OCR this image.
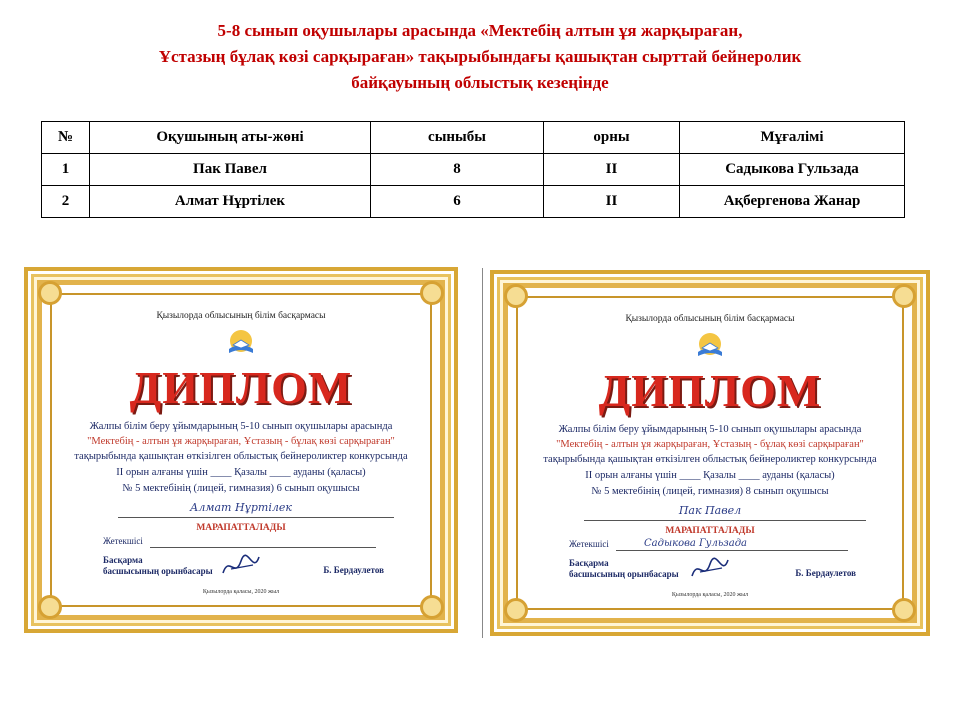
5-8 сынып оқушылары арасында «Мектебің алтын ұя жарқыраған,
Ұстазың бұлақ көзі сарқыраған» тақырыбындағы қашықтан сырттай бейнеролик
байқауының облыстық кезеңінде
№	Оқушының аты-жөні	сыныбы	орны	Мұғалімі
1	Пак Павел	8	II	Садыкова Гульзада
2	Алмат Нұртілек	6	II	Ақбергенова Жанар
Қызылорда облысының білім басқармасы
ДИПЛОМ
Жалпы білім беру ұйымдарының 5-10 сынып оқушылары арасында
"Мектебің - алтын ұя жарқыраған, Ұстазың - бұлақ көзі сарқыраған"
тақырыбында қашықтан өткізілген облыстық бейнероликтер конкурсында
II орын алғаны үшін ____ Қазалы ____ ауданы (қаласы)
№ 5 мектебінің (лицей, гимназия) 6 сынып оқушысы
Алмат Нұртілек
МАРАПАТТАЛАДЫ
Жетекшісі
Басқарма
басшысының орынбасары	Б. Бердаулетов
Қызылорда қаласы, 2020 жыл
Қызылорда облысының білім басқармасы
ДИПЛОМ
Жалпы білім беру ұйымдарының 5-10 сынып оқушылары арасында
"Мектебің - алтын ұя жарқыраған, Ұстазың - бұлақ көзі сарқыраған"
тақырыбында қашықтан өткізілген облыстық бейнероликтер конкурсында
II орын алғаны үшін ____ Қазалы ____ ауданы (қаласы)
№ 5 мектебінің (лицей, гимназия) 8 сынып оқушысы
Пак Павел
МАРАПАТТАЛАДЫ
Жетекшісі	Садыкова Гульзада
Басқарма
басшысының орынбасары	Б. Бердаулетов
Қызылорда қаласы, 2020 жыл
